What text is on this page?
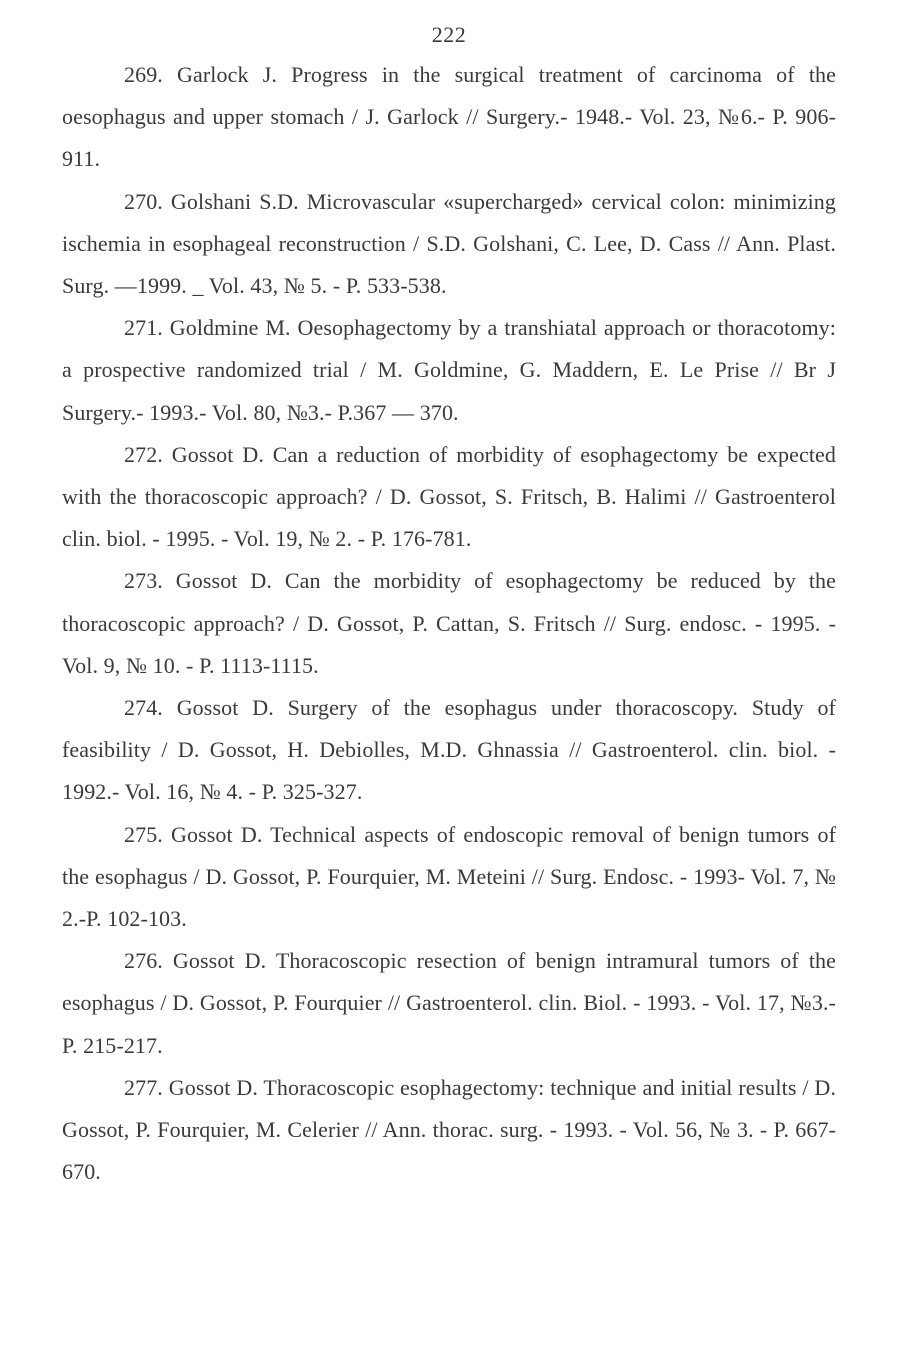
222
269. Garlock J. Progress in the surgical treatment of carcinoma of the oesophagus and upper stomach / J. Garlock // Surgery.- 1948.- Vol. 23, №6.- P. 906-911.
270. Golshani S.D. Microvascular «supercharged» cervical colon: minimizing ischemia in esophageal reconstruction / S.D. Golshani, C. Lee, D. Cass // Ann. Plast. Surg. —1999. _ Vol. 43, № 5. - P. 533-538.
271. Goldmine M. Oesophagectomy by a transhiatal approach or thoracotomy: a prospective randomized trial / M. Goldmine, G. Maddern, E. Le Prise // Br J Surgery.- 1993.- Vol. 80, №3.- P.367 — 370.
272. Gossot D. Can a reduction of morbidity of esophagectomy be expected with the thoracoscopic approach? / D. Gossot, S. Fritsch, B. Halimi // Gastroenterol clin. biol. - 1995. - Vol. 19, № 2. - P. 176-781.
273. Gossot D. Can the morbidity of esophagectomy be reduced by the thoracoscopic approach? / D. Gossot, P. Cattan, S. Fritsch // Surg. endosc. - 1995. - Vol. 9, № 10. - P. 1113-1115.
274. Gossot D. Surgery of the esophagus under thoracoscopy. Study of feasibility / D. Gossot, H. Debiolles, M.D. Ghnassia // Gastroenterol. clin. biol. - 1992.- Vol. 16, № 4. - P. 325-327.
275. Gossot D. Technical aspects of endoscopic removal of benign tumors of the esophagus / D. Gossot, P. Fourquier, M. Meteini // Surg. Endosc. - 1993- Vol. 7, № 2.-P. 102-103.
276. Gossot D. Thoracoscopic resection of benign intramural tumors of the esophagus / D. Gossot, P. Fourquier // Gastroenterol. clin. Biol. - 1993. - Vol. 17, №3.-P. 215-217.
277. Gossot D. Thoracoscopic esophagectomy: technique and initial results / D. Gossot, P. Fourquier, M. Celerier // Ann. thorac. surg. - 1993. - Vol. 56, № 3. - P. 667-670.
